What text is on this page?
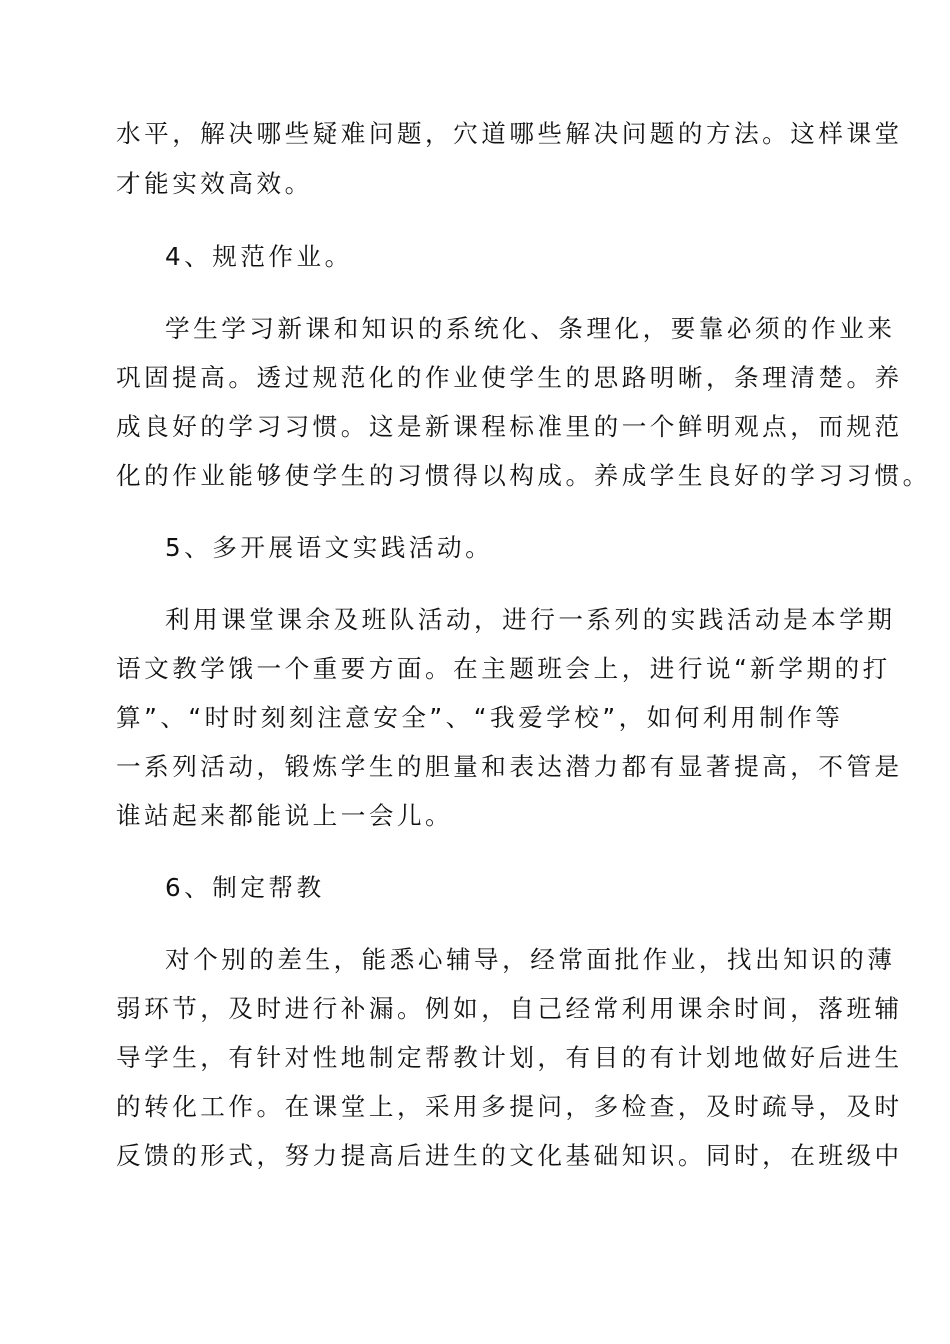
水平，解决哪些疑难问题，穴道哪些解决问题的方法。这样课堂
才能实效高效。
4、规范作业。
学生学习新课和知识的系统化、条理化，要靠必须的作业来
巩固提高。透过规范化的作业使学生的思路明晰，条理清楚。养
成良好的学习习惯。这是新课程标准里的一个鲜明观点，而规范
化的作业能够使学生的习惯得以构成。养成学生良好的学习习惯。
5、多开展语文实践活动。
利用课堂课余及班队活动，进行一系列的实践活动是本学期
语文教学饿一个重要方面。在主题班会上，进行说“新学期的打
算”、“时时刻刻注意安全”、“我爱学校”，如何利用制作等
一系列活动，锻炼学生的胆量和表达潜力都有显著提高，不管是
谁站起来都能说上一会儿。
6、制定帮教
对个别的差生，能悉心辅导，经常面批作业，找出知识的薄
弱环节，及时进行补漏。例如，自己经常利用课余时间，落班辅
导学生，有针对性地制定帮教计划，有目的有计划地做好后进生
的转化工作。在课堂上，采用多提问，多检查，及时疏导，及时
反馈的形式，努力提高后进生的文化基础知识。同时，在班级中
